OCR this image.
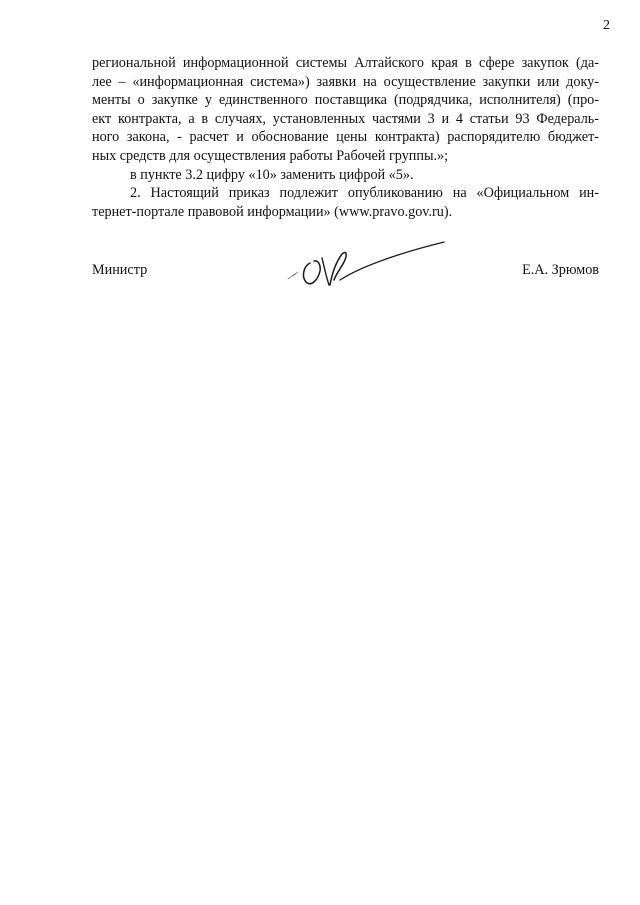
2
региональной информационной системы Алтайского края в сфере закупок (да-
лее – «информационная система») заявки на осуществление закупки или доку-
менты о закупке у единственного поставщика (подрядчика, исполнителя) (про-
ект контракта, а в случаях, установленных частями 3 и 4 статьи 93 Федераль-
ного закона, - расчет и обоснование цены контракта) распорядителю бюджет-
ных средств для осуществления работы Рабочей группы.»;
в пункте 3.2 цифру «10» заменить цифрой «5».
2. Настоящий приказ подлежит опубликованию на «Официальном ин-
тернет-портале правовой информации» (www.pravo.gov.ru).
Министр	Е.А. Зрюмов
